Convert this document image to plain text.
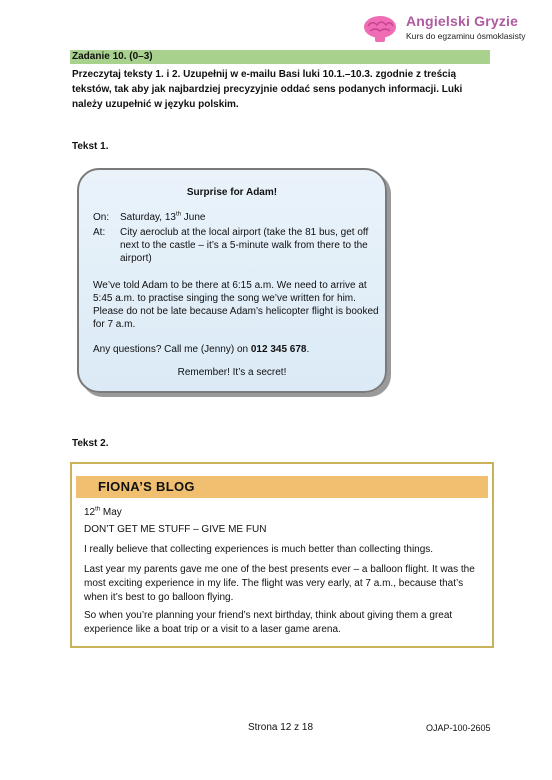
Angielski Gryzie
Kurs do egzaminu ósmoklasisty
Zadanie 10. (0–3)
Przeczytaj teksty 1. i 2. Uzupełnij w e-mailu Basi luki 10.1.–10.3. zgodnie z treścią tekstów, tak aby jak najbardziej precyzyjnie oddać sens podanych informacji. Luki należy uzupełnić w języku polskim.
Tekst 1.
Surprise for Adam!
On: Saturday, 13th June
At: City aeroclub at the local airport (take the 81 bus, get off next to the castle – it’s a 5-minute walk from there to the airport)
We’ve told Adam to be there at 6:15 a.m. We need to arrive at 5:45 a.m. to practise singing the song we’ve written for him. Please do not be late because Adam’s helicopter flight is booked for 7 a.m.
Any questions? Call me (Jenny) on 012 345 678.
Remember! It’s a secret!
Tekst 2.
FIONA’S BLOG
12th May
DON’T GET ME STUFF – GIVE ME FUN
I really believe that collecting experiences is much better than collecting things.
Last year my parents gave me one of the best presents ever – a balloon flight. It was the most exciting experience in my life. The flight was very early, at 7 a.m., because that’s when it’s best to go balloon flying.
So when you’re planning your friend’s next birthday, think about giving them a great experience like a boat trip or a visit to a laser game arena.
Strona 12 z 18	OJAP-100-2605
